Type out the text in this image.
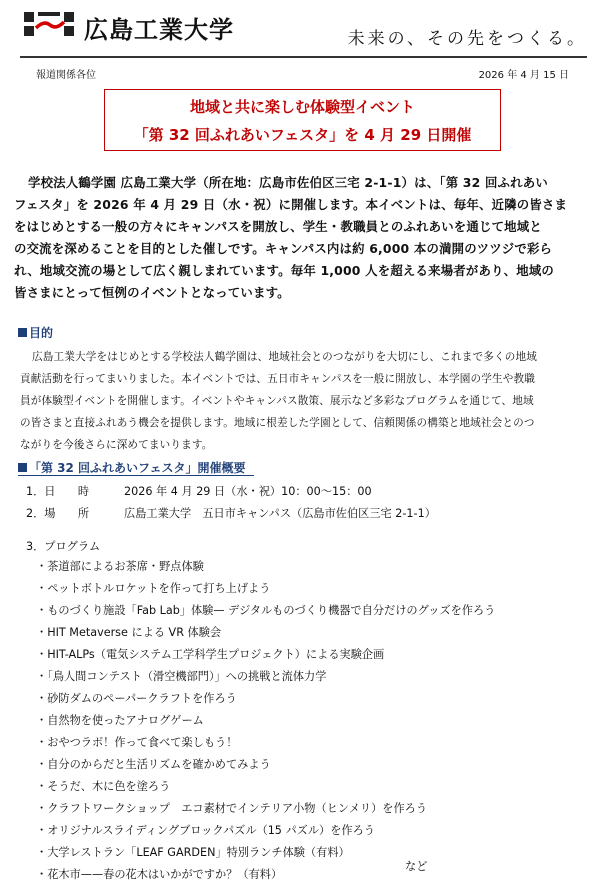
広島工業大学	未来の、その先をつくる。
報道関係各位	2026 年 4 月 15 日
地域と共に楽しむ体験型イベント
「第 32 回ふれあいフェスタ」を 4 月 29 日開催
学校法人鶴学園 広島工業大学（所在地：広島市佐伯区三宅 2-1-1）は、「第 32 回ふれあい
フェスタ」を 2026 年 4 月 29 日（水・祝）に開催します。本イベントは、毎年、近隣の皆さま
をはじめとする一般の方々にキャンパスを開放し、学生・教職員とのふれあいを通じて地域と
の交流を深めることを目的とした催しです。キャンパス内は約 6,000 本の満開のツツジで彩ら
れ、地域交流の場として広く親しまれています。毎年 1,000 人を超える来場者があり、地域の
皆さまにとって恒例のイベントとなっています。
目的
広島工業大学をはじめとする学校法人鶴学園は、地域社会とのつながりを大切にし、これまで多くの地域
貢献活動を行ってまいりました。本イベントでは、五日市キャンパスを一般に開放し、本学園の学生や教職
員が体験型イベントを開催します。イベントやキャンパス散策、展示など多彩なプログラムを通じて、地域
の皆さまと直接ふれあう機会を提供します。地域に根差した学園として、信頼関係の構築と地域社会とのつ
ながりを今後さらに深めてまいります。
「第 32 回ふれあいフェスタ」開催概要
1．日　　時	2026 年 4 月 29 日（水・祝）10：00〜15：00
2．場　　所	広島工業大学　五日市キャンパス（広島市佐伯区三宅 2-1-1）
3．プログラム
・茶道部によるお茶席・野点体験
・ペットボトルロケットを作って打ち上げよう
・ものづくり施設「Fab Lab」体験— デジタルものづくり機器で自分だけのグッズを作ろう
・HIT Metaverse による VR 体験会
・HIT-ALPs（電気システム工学科学生プロジェクト）による実験企画
・「鳥人間コンテスト（滑空機部門）」への挑戦と流体力学
・砂防ダムのペーパークラフトを作ろう
・自然物を使ったアナログゲーム
・おやつラボ！作って食べて楽しもう！
・自分のからだと生活リズムを確かめてみよう
・そうだ、木に色を塗ろう
・クラフトワークショップ　エコ素材でインテリア小物（ヒンメリ）を作ろう
・オリジナルスライディングブロックパズル（15 パズル）を作ろう
・大学レストラン「LEAF GARDEN」特別ランチ体験（有料）
・花木市——春の花木はいかがですか？（有料）
など
